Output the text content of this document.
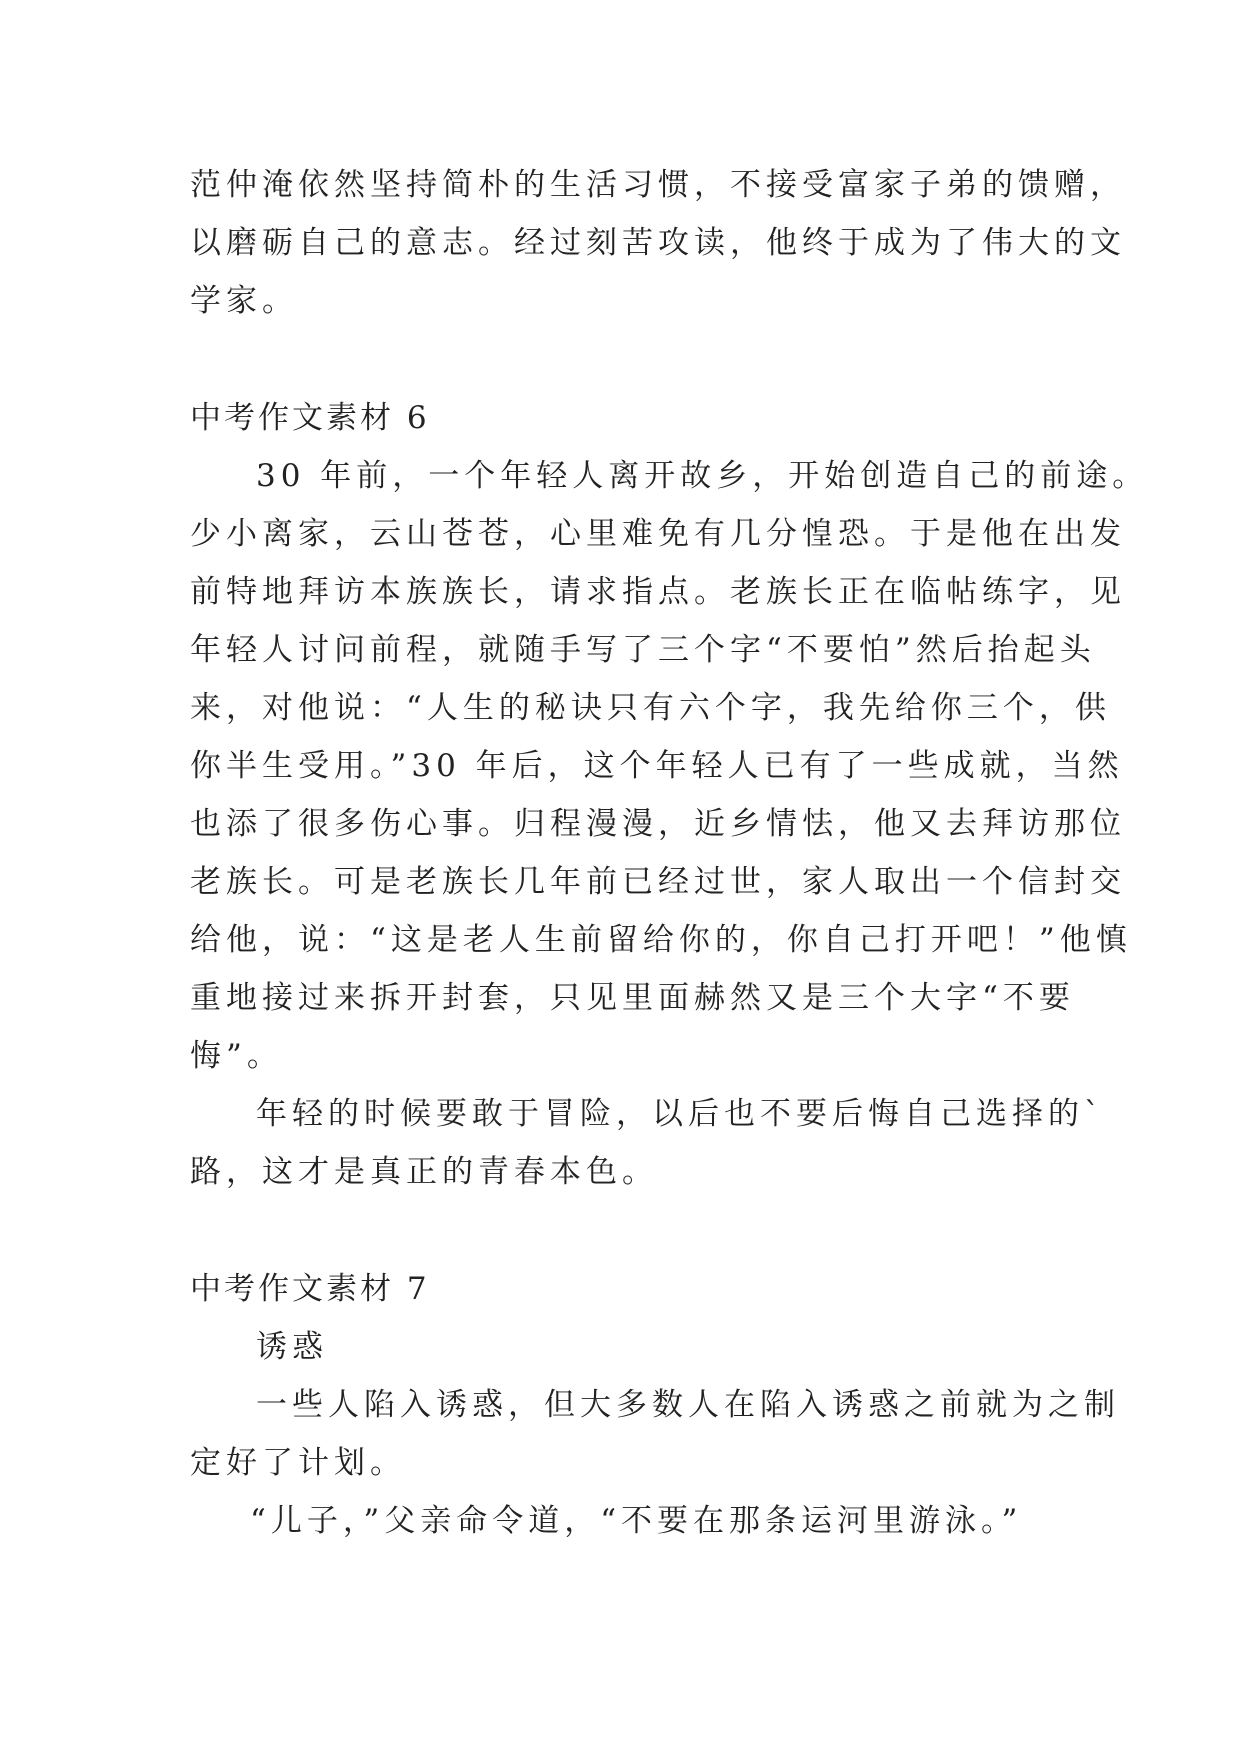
范仲淹依然坚持简朴的生活习惯，不接受富家子弟的馈赠，
以磨砺自己的意志。经过刻苦攻读，他终于成为了伟大的文
学家。
中考作文素材 6
30 年前，一个年轻人离开故乡，开始创造自己的前途。
少小离家，云山苍苍，心里难免有几分惶恐。于是他在出发
前特地拜访本族族长，请求指点。老族长正在临帖练字，见
年轻人讨问前程，就随手写了三个字“不要怕”然后抬起头
来，对他说：“人生的秘诀只有六个字，我先给你三个，供
你半生受用。”30 年后，这个年轻人已有了一些成就，当然
也添了很多伤心事。归程漫漫，近乡情怯，他又去拜访那位
老族长。可是老族长几年前已经过世，家人取出一个信封交
给他，说：“这是老人生前留给你的，你自己打开吧！”他慎
重地接过来拆开封套，只见里面赫然又是三个大字“不要
悔”。
年轻的时候要敢于冒险，以后也不要后悔自己选择的`
路，这才是真正的青春本色。
中考作文素材 7
诱惑
一些人陷入诱惑，但大多数人在陷入诱惑之前就为之制
定好了计划。
“儿子，”父亲命令道，“不要在那条运河里游泳。”
